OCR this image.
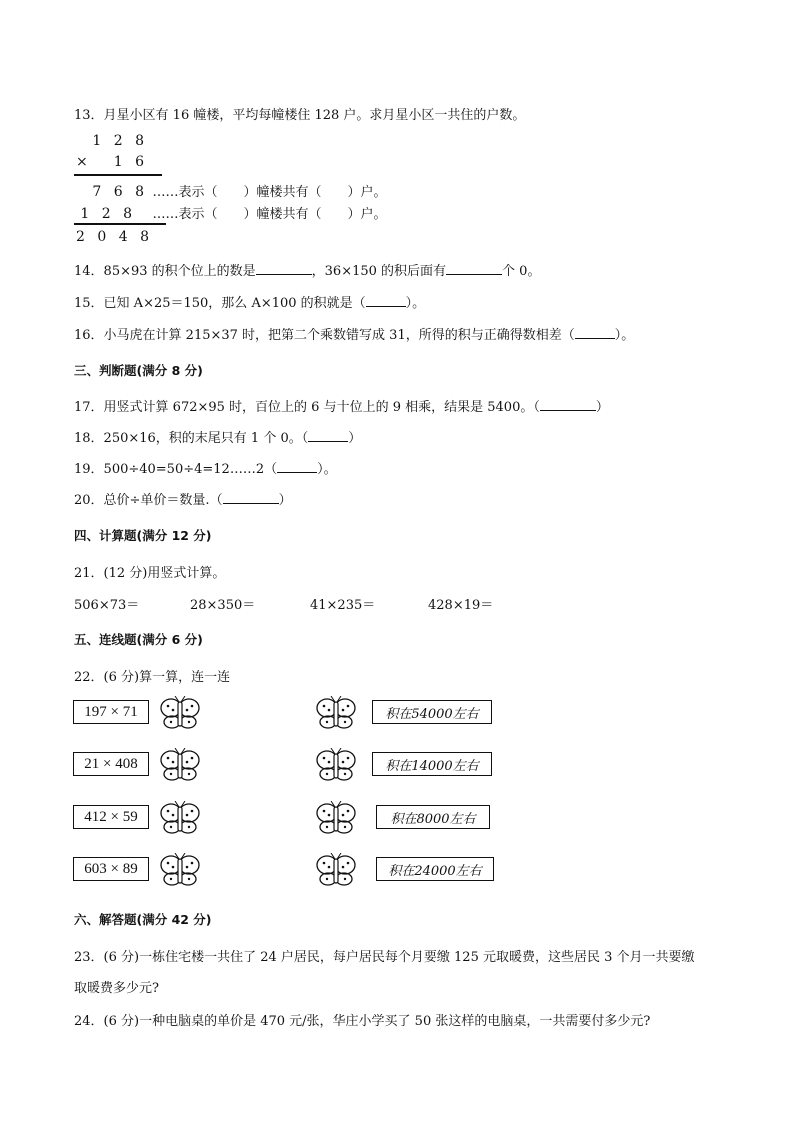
13．月星小区有 16 幢楼，平均每幢楼住 128 户。求月星小区一共住的户数。
1 2 8
× 1 6
7 6 8 ……表示（　　）幢楼共有（　　）户。
1 2 8 ……表示（　　）幢楼共有（　　）户。
2 0 4 8
14．85×93 的积个位上的数是	，36×150 的积后面有	个 0。
15．已知 A×25＝150，那么 A×100 的积就是（	）。
16．小马虎在计算 215×37 时，把第二个乘数错写成 31，所得的积与正确得数相差（	）。
三、判断题(满分 8 分)
17．用竖式计算 672×95 时，百位上的 6 与十位上的 9 相乘，结果是 5400。（	）
18．250×16，积的末尾只有 1 个 0。（	）
19．500÷40=50÷4=12……2（	）。
20．总价÷单价＝数量.（	）
四、计算题(满分 12 分)
21．(12 分)用竖式计算。
506×73＝	28×350＝	41×235＝	428×19＝
五、连线题(满分 6 分)
22．(6 分)算一算，连一连
197 × 71
21 × 408
412 × 59
603 × 89
积在54000左右
积在14000左右
积在8000左右
积在24000左右
六、解答题(满分 42 分)
23．(6 分)一栋住宅楼一共住了 24 户居民，每户居民每个月要缴 125 元取暖费，这些居民 3 个月一共要缴
取暖费多少元?
24．(6 分)一种电脑桌的单价是 470 元/张，华庄小学买了 50 张这样的电脑桌，一共需要付多少元?
